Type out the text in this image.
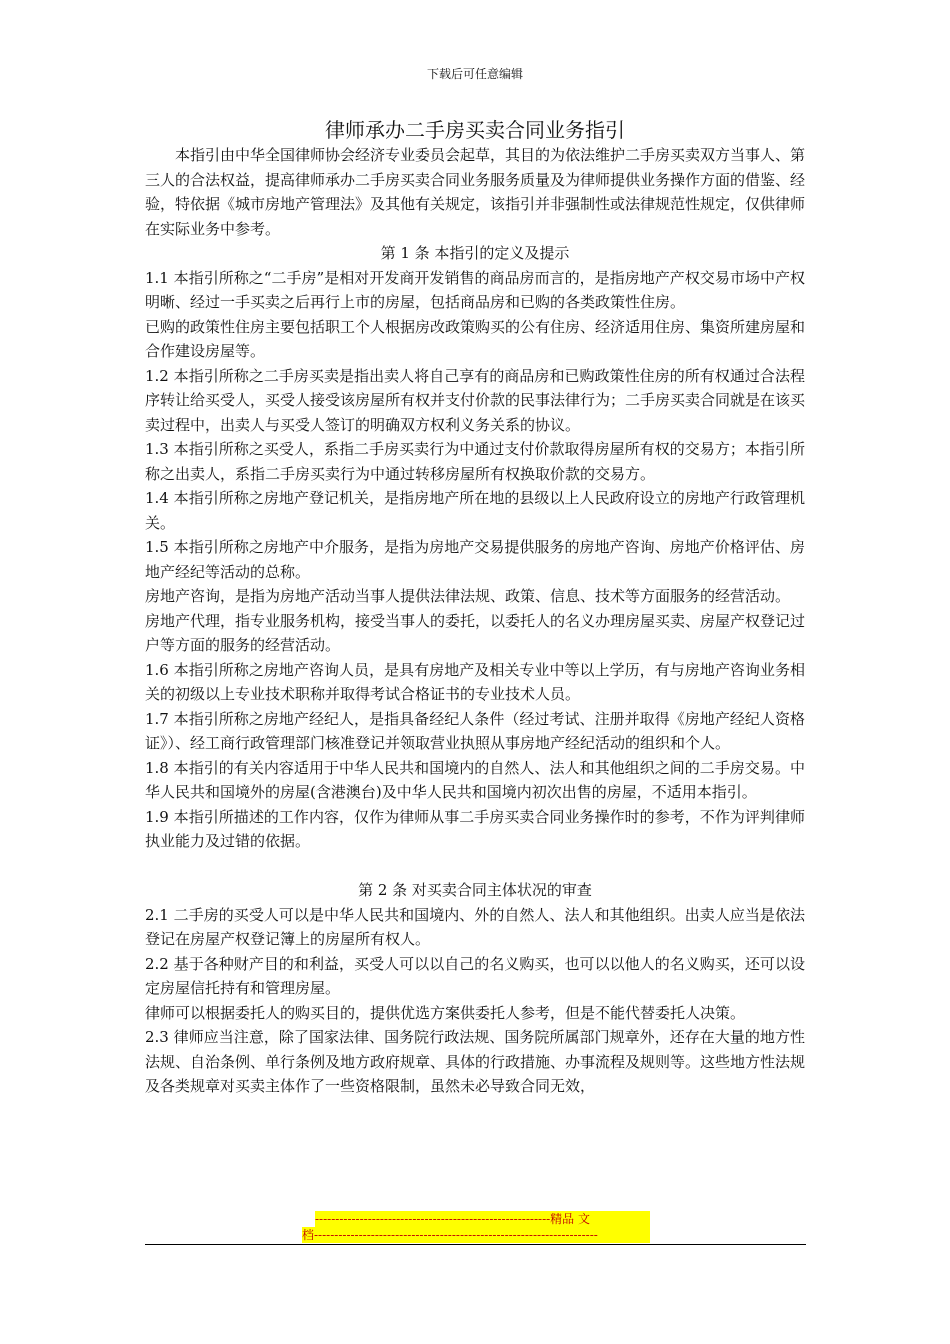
下载后可任意编辑
律师承办二手房买卖合同业务指引

本指引由中华全国律师协会经济专业委员会起草，其目的为依法维护二手房买卖双方当事人、第三人的合法权益，提高律师承办二手房买卖合同业务服务质量及为律师提供业务操作方面的借鉴、经验，特依据《城市房地产管理法》及其他有关规定，该指引并非强制性或法律规范性规定，仅供律师在实际业务中参考。

第 1 条 本指引的定义及提示

1.1 本指引所称之“二手房”是相对开发商开发销售的商品房而言的，是指房地产产权交易市场中产权明晰、经过一手买卖之后再行上市的房屋，包括商品房和已购的各类政策性住房。

已购的政策性住房主要包括职工个人根据房改政策购买的公有住房、经济适用住房、集资所建房屋和合作建设房屋等。

1.2 本指引所称之二手房买卖是指出卖人将自己享有的商品房和已购政策性住房的所有权通过合法程序转让给买受人，买受人接受该房屋所有权并支付价款的民事法律行为；二手房买卖合同就是在该买卖过程中，出卖人与买受人签订的明确双方权利义务关系的协议。

1.3 本指引所称之买受人，系指二手房买卖行为中通过支付价款取得房屋所有权的交易方；本指引所称之出卖人，系指二手房买卖行为中通过转移房屋所有权换取价款的交易方。

1.4 本指引所称之房地产登记机关，是指房地产所在地的县级以上人民政府设立的房地产行政管理机关。

1.5 本指引所称之房地产中介服务，是指为房地产交易提供服务的房地产咨询、房地产价格评估、房地产经纪等活动的总称。

房地产咨询，是指为房地产活动当事人提供法律法规、政策、信息、技术等方面服务的经营活动。

房地产代理，指专业服务机构，接受当事人的委托，以委托人的名义办理房屋买卖、房屋产权登记过户等方面的服务的经营活动。

1.6 本指引所称之房地产咨询人员，是具有房地产及相关专业中等以上学历，有与房地产咨询业务相关的初级以上专业技术职称并取得考试合格证书的专业技术人员。

1.7 本指引所称之房地产经纪人，是指具备经纪人条件（经过考试、注册并取得《房地产经纪人资格证》）、经工商行政管理部门核准登记并领取营业执照从事房地产经纪活动的组织和个人。

1.8 本指引的有关内容适用于中华人民共和国境内的自然人、法人和其他组织之间的二手房交易。中华人民共和国境外的房屋(含港澳台)及中华人民共和国境内初次出售的房屋，不适用本指引。

1.9 本指引所描述的工作内容，仅作为律师从事二手房买卖合同业务操作时的参考，不作为评判律师执业能力及过错的依据。

第 2 条 对买卖合同主体状况的审查

2.1 二手房的买受人可以是中华人民共和国境内、外的自然人、法人和其他组织。出卖人应当是依法登记在房屋产权登记簿上的房屋所有权人。

2.2 基于各种财产目的和利益，买受人可以以自己的名义购买，也可以以他人的名义购买，还可以设定房屋信托持有和管理房屋。

律师可以根据委托人的购买目的，提供优选方案供委托人参考，但是不能代替委托人决策。

2.3 律师应当注意，除了国家法律、国务院行政法规、国务院所属部门规章外，还存在大量的地方性法规、自治条例、单行条例及地方政府规章、具体的行政措施、办事流程及规则等。这些地方性法规及各类规章对买卖主体作了一些资格限制，虽然未必导致合同无效，

----------------------------------------------------------精品 文
档----------------------------------------------------------------------
